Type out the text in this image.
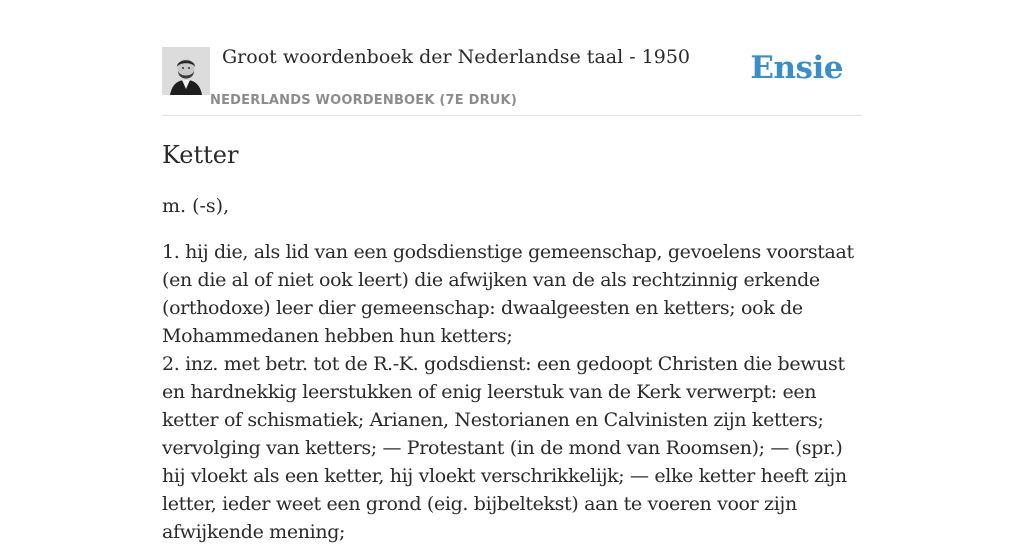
Groot woordenboek der Nederlandse taal - 1950
NEDERLANDS WOORDENBOEK (7E DRUK)
Ensie
Ketter
m. (-s),

1. hij die, als lid van een godsdienstige gemeenschap, gevoelens voorstaat (en die al of niet ook leert) die afwijken van de als rechtzinnig erkende (orthodoxe) leer dier gemeenschap: dwaalgeesten en ketters; ook de Mohammedanen hebben hun ketters;

2. inz. met betr. tot de R.-K. godsdienst: een gedoopt Christen die bewust en hardnekkig leerstukken of enig leerstuk van de Kerk verwerpt: een ketter of schismatiek; Arianen, Nestorianen en Calvinisten zijn ketters; vervolging van ketters; — Protestant (in de mond van Roomsen); — (spr.) hij vloekt als een ketter, hij vloekt verschrikkelijk; — elke ketter heeft zijn letter, ieder weet een grond (eig. bijbeltekst) aan te voeren voor zijn afwijkende mening;
